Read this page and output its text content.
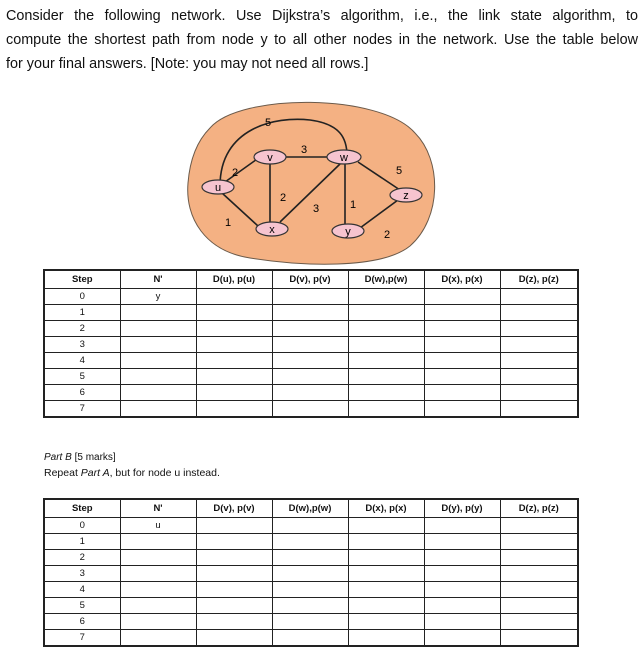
Consider the following network. Use Dijkstra’s algorithm, i.e., the link state algorithm, to
compute the shortest path from node y to all other nodes in the network. Use the table below
for your final answers. [Note: you may not need all rows.]

v	w
u
z
x	y
5
3
2	5
2
3	1
1
2
Step	N'	D(u), p(u)	D(v), p(v)	D(w),p(w)	D(x), p(x)	D(z), p(z)
0	y					
1						
2						
3						
4						
5						
6						
7						

Part B [5 marks]

Repeat Part A, but for node u instead.

Step	N'	D(v), p(v)	D(w),p(w)	D(x), p(x)	D(y), p(y)	D(z), p(z)
0	u					
1						
2						
3						
4						
5						
6						
7						
